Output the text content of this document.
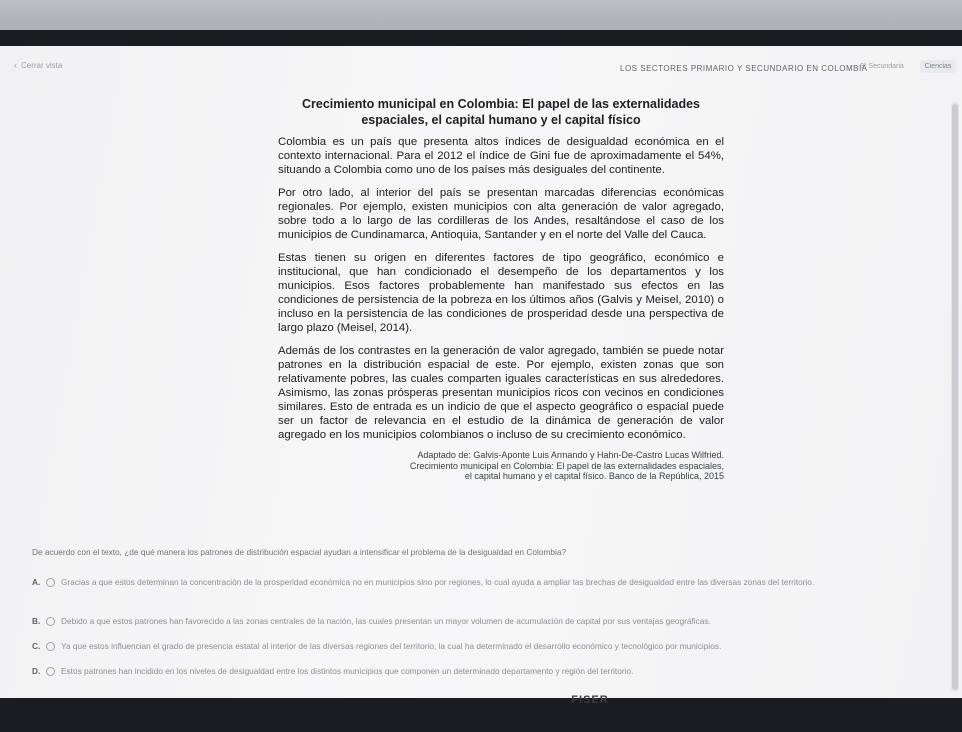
‹ Cerrar vista	LOS SECTORES PRIMARIO Y SECUNDARIO EN COLOMBIA
9º Secundaria	Ciencias
Crecimiento municipal en Colombia: El papel de las externalidades espaciales, el capital humano y el capital físico

Colombia es un país que presenta altos índices de desigualdad económica en el contexto internacional. Para el 2012 el índice de Gini fue de aproximadamente el 54%, situando a Colombia como uno de los países más desiguales del continente.

Por otro lado, al interior del país se presentan marcadas diferencias económicas regionales. Por ejemplo, existen municipios con alta generación de valor agregado, sobre todo a lo largo de las cordilleras de los Andes, resaltándose el caso de los municipios de Cundinamarca, Antioquia, Santander y en el norte del Valle del Cauca.

Estas tienen su origen en diferentes factores de tipo geográfico, económico e institucional, que han condicionado el desempeño de los departamentos y los municipios. Esos factores probablemente han manifestado sus efectos en las condiciones de persistencia de la pobreza en los últimos años (Galvis y Meisel, 2010) o incluso en la persistencia de las condiciones de prosperidad desde una perspectiva de largo plazo (Meisel, 2014).

Además de los contrastes en la generación de valor agregado, también se puede notar patrones en la distribución espacial de este. Por ejemplo, existen zonas que son relativamente pobres, las cuales comparten iguales características en sus alrededores. Asimismo, las zonas prósperas presentan municipios ricos con vecinos en condiciones similares. Esto de entrada es un indicio de que el aspecto geográfico o espacial puede ser un factor de relevancia en el estudio de la dinámica de generación de valor agregado en los municipios colombianos o incluso de su crecimiento económico.

Adaptado de: Galvis-Aponte Luis Armando y Hahn-De-Castro Lucas Wilfried.
Crecimiento municipal en Colombia: El papel de las externalidades espaciales,
el capital humano y el capital físico. Banco de la República, 2015
De acuerdo con el texto, ¿de qué manera los patrones de distribución espacial ayudan a intensificar el problema de la desigualdad en Colombia?
A.	Gracias a que estos determinan la concentración de la prosperidad económica no en municipios sino por regiones, lo cual ayuda a ampliar las brechas de desigualdad entre las diversas zonas del territorio.
B.	Debido a que estos patrones han favorecido a las zonas centrales de la nación, las cuales presentan un mayor volumen de acumulación de capital por sus ventajas geográficas.
C.	Ya que estos influencian el grado de presencia estatal al interior de las diversas regiones del territorio, la cual ha determinado el desarrollo económico y tecnológico por municipios.
D.	Estos patrones han incidido en los niveles de desigualdad entre los distintos municipios que componen un determinado departamento y región del territorio.
FISER
